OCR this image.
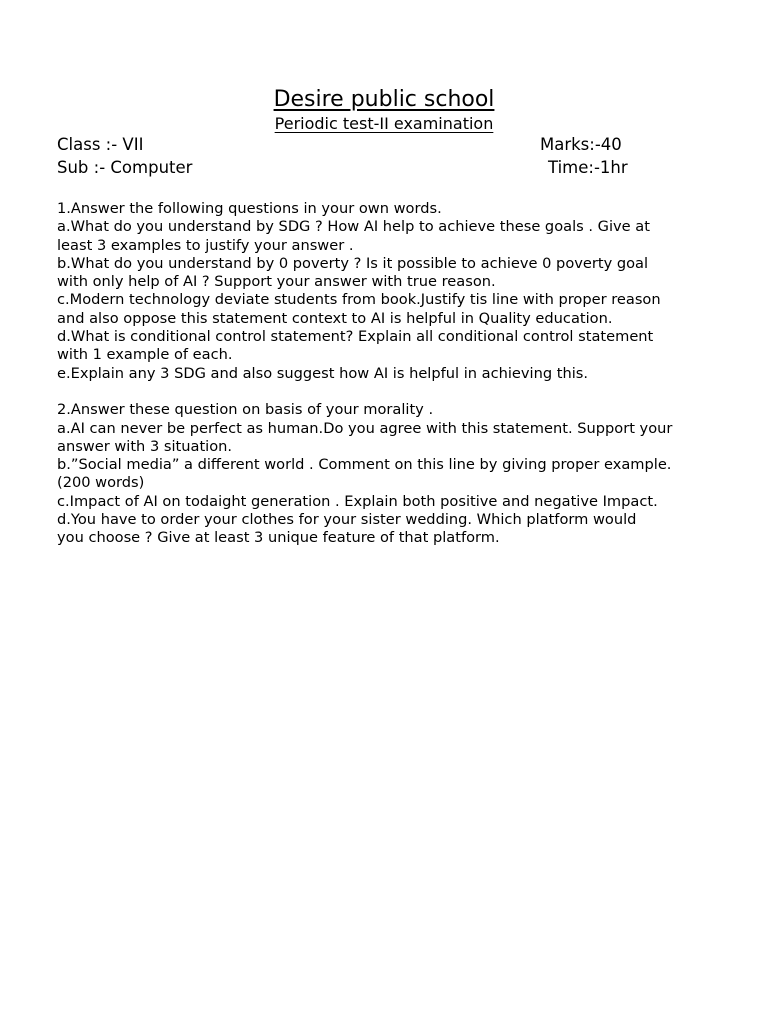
Desire public school
Periodic test-II examination
Class :- VII
Sub :- Computer
Marks:-40
Time:-1hr
1.Answer the following questions in your own words.
a.What do you understand by SDG ? How AI help to achieve these goals . Give at
least 3 examples to justify your answer .
b.What do you understand by 0 poverty ? Is it possible to achieve 0 poverty goal
with only help of AI ? Support your answer with true reason.
c.Modern technology deviate students from book.Justify tis line with proper reason
and also oppose this statement context to AI is helpful in Quality education.
d.What is conditional control statement? Explain all conditional control statement
with 1 example of each.
e.Explain any 3 SDG and also suggest how AI is helpful in achieving this.
2.Answer these question on basis of your morality .
a.AI can never be perfect as human.Do you agree with this statement. Support your
answer with 3 situation.
b.”Social media” a different world . Comment on this line by giving proper example.
(200 words)
c.Impact of AI on todaight generation . Explain both positive and negative Impact.
d.You have to order your clothes for your sister wedding. Which platform would
you choose ? Give at least 3 unique feature of that platform.
